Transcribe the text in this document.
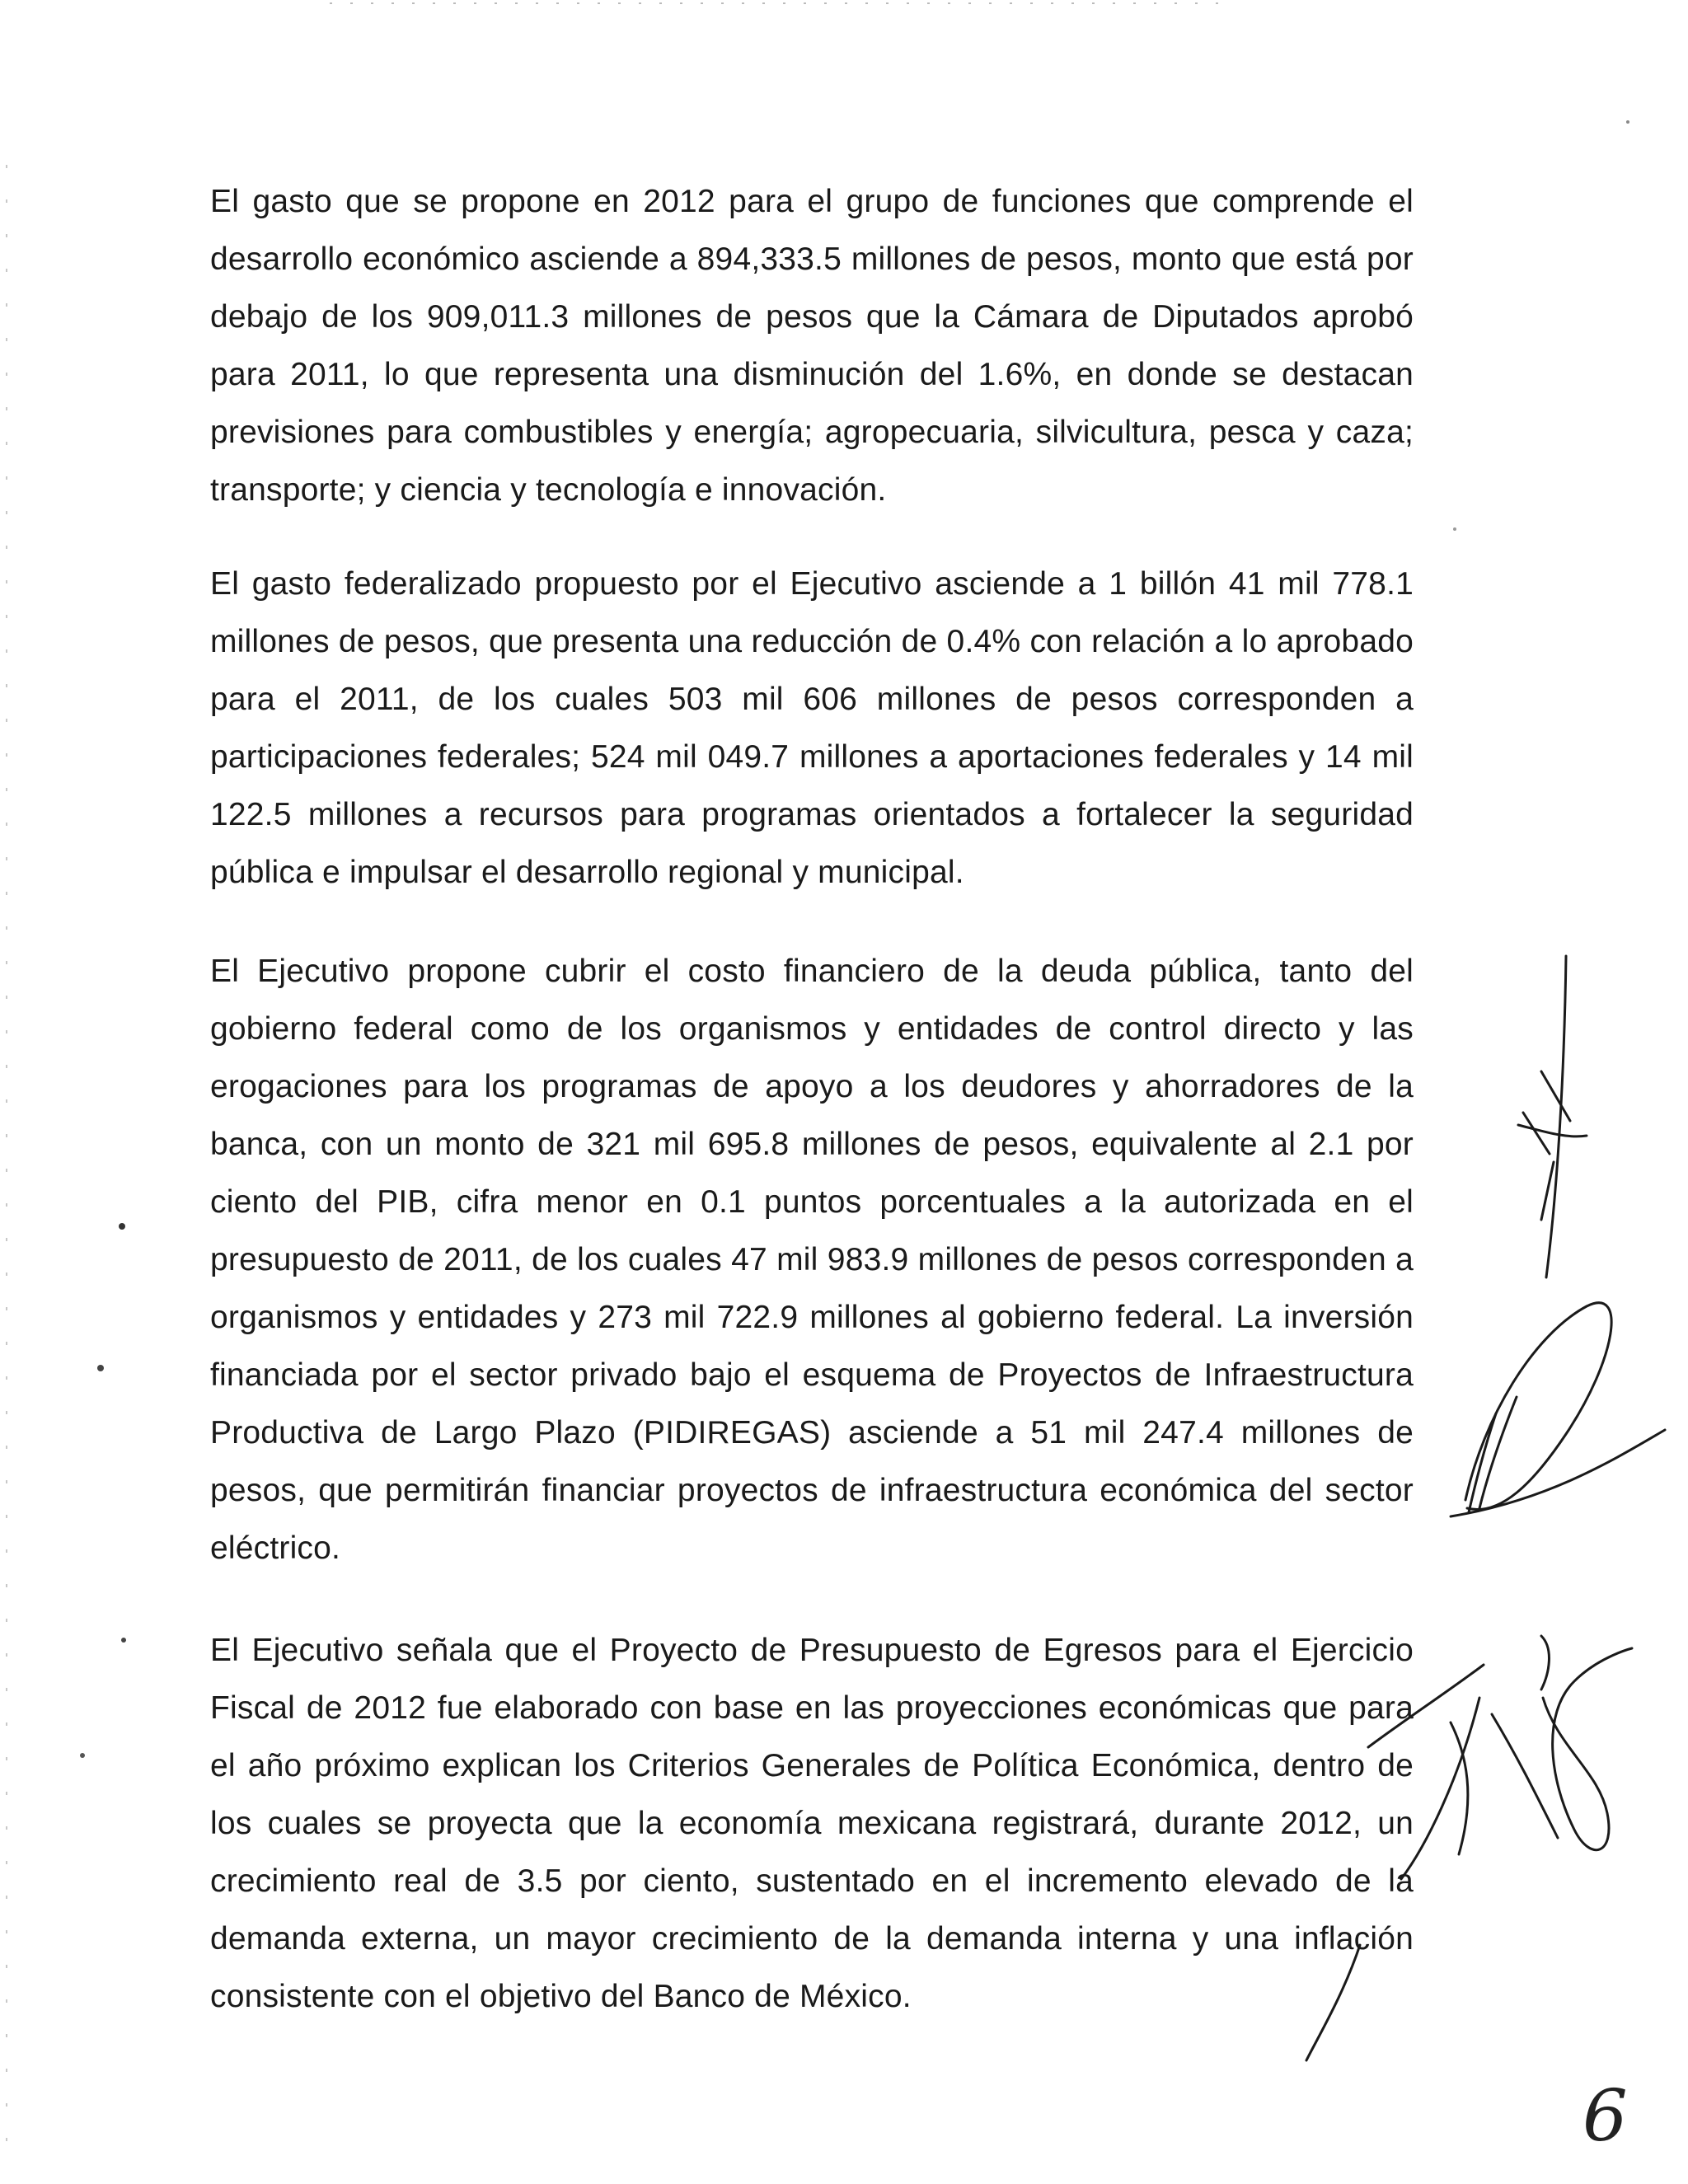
El gasto que se propone en 2012 para el grupo de funciones que comprende el desarrollo económico asciende a 894,333.5 millones de pesos, monto que está por debajo de los 909,011.3 millones de pesos que la Cámara de Diputados aprobó para 2011, lo que representa una disminución del 1.6%, en donde se destacan previsiones para combustibles y energía; agropecuaria, silvicultura, pesca y caza; transporte; y ciencia y tecnología e innovación.

El gasto federalizado propuesto por el Ejecutivo asciende a 1 billón 41 mil 778.1 millones de pesos, que presenta una reducción de 0.4% con relación a lo aprobado para el 2011, de los cuales 503 mil 606 millones de pesos corresponden a participaciones federales; 524 mil 049.7 millones a aportaciones federales y 14 mil 122.5 millones a recursos para programas orientados a fortalecer la seguridad pública e impulsar el desarrollo regional y municipal.

El Ejecutivo propone cubrir el costo financiero de la deuda pública, tanto del gobierno federal como de los organismos y entidades de control directo y las erogaciones para los programas de apoyo a los deudores y ahorradores de la banca, con un monto de 321 mil 695.8 millones de pesos, equivalente al 2.1 por ciento del PIB, cifra menor en 0.1 puntos porcentuales a la autorizada en el presupuesto de 2011, de los cuales 47 mil 983.9 millones de pesos corresponden a organismos y entidades y 273 mil 722.9 millones al gobierno federal. La inversión financiada por el sector privado bajo el esquema de Proyectos de Infraestructura Productiva de Largo Plazo (PIDIREGAS) asciende a 51 mil 247.4 millones de pesos, que permitirán financiar proyectos de infraestructura económica del sector eléctrico.

El Ejecutivo señala que el Proyecto de Presupuesto de Egresos para el Ejercicio Fiscal de 2012 fue elaborado con base en las proyecciones económicas que para el año próximo explican los Criterios Generales de Política Económica, dentro de los cuales se proyecta que la economía mexicana registrará, durante 2012, un crecimiento real de 3.5 por ciento, sustentado en el incremento elevado de la demanda externa, un mayor crecimiento de la demanda interna y una inflación consistente con el objetivo del Banco de México.

6
